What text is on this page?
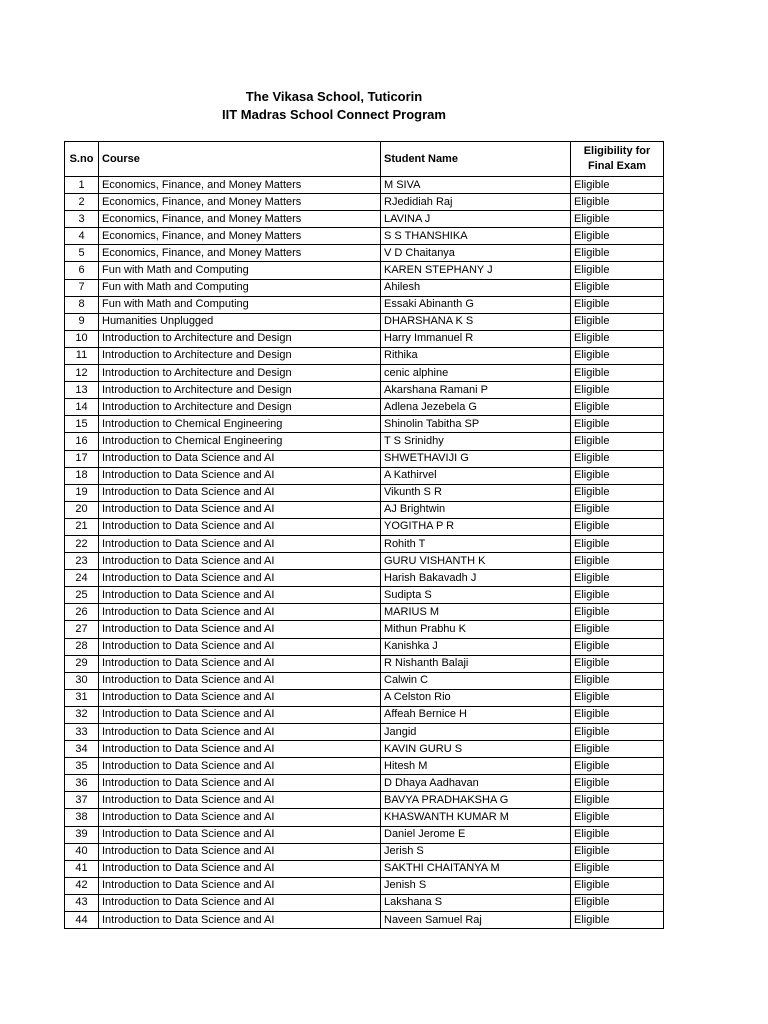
The Vikasa School, Tuticorin
IIT Madras School Connect Program
S.no	Course	Student Name	Eligibility for
Final Exam

1	Economics, Finance, and Money Matters	M SIVA	Eligible
2	Economics, Finance, and Money Matters	RJedidiah Raj	Eligible
3	Economics, Finance, and Money Matters	LAVINA J	Eligible
4	Economics, Finance, and Money Matters	S S THANSHIKA	Eligible
5	Economics, Finance, and Money Matters	V D Chaitanya	Eligible
6	Fun with Math and Computing	KAREN STEPHANY J	Eligible
7	Fun with Math and Computing	Ahilesh	Eligible
8	Fun with Math and Computing	Essaki Abinanth G	Eligible
9	Humanities Unplugged	DHARSHANA K S	Eligible
10	Introduction to Architecture and Design	Harry Immanuel R	Eligible
11	Introduction to Architecture and Design	Rithika	Eligible
12	Introduction to Architecture and Design	cenic alphine	Eligible
13	Introduction to Architecture and Design	Akarshana Ramani P	Eligible
14	Introduction to Architecture and Design	Adlena Jezebela G	Eligible
15	Introduction to Chemical Engineering	Shinolin Tabitha SP	Eligible
16	Introduction to Chemical Engineering	T S Srinidhy	Eligible
17	Introduction to Data Science and AI	SHWETHAVIJI G	Eligible
18	Introduction to Data Science and AI	A Kathirvel	Eligible
19	Introduction to Data Science and AI	Vikunth S R	Eligible
20	Introduction to Data Science and AI	AJ Brightwin	Eligible
21	Introduction to Data Science and AI	YOGITHA P R	Eligible
22	Introduction to Data Science and AI	Rohith T	Eligible
23	Introduction to Data Science and AI	GURU VISHANTH K	Eligible
24	Introduction to Data Science and AI	Harish Bakavadh J	Eligible
25	Introduction to Data Science and AI	Sudipta S	Eligible
26	Introduction to Data Science and AI	MARIUS M	Eligible
27	Introduction to Data Science and AI	Mithun Prabhu K	Eligible
28	Introduction to Data Science and AI	Kanishka J	Eligible
29	Introduction to Data Science and AI	R Nishanth Balaji	Eligible
30	Introduction to Data Science and AI	Calwin C	Eligible
31	Introduction to Data Science and AI	A Celston Rio	Eligible
32	Introduction to Data Science and AI	Affeah Bernice H	Eligible
33	Introduction to Data Science and AI	Jangid	Eligible
34	Introduction to Data Science and AI	KAVIN GURU S	Eligible
35	Introduction to Data Science and AI	Hitesh M	Eligible
36	Introduction to Data Science and AI	D Dhaya Aadhavan	Eligible
37	Introduction to Data Science and AI	BAVYA PRADHAKSHA G	Eligible
38	Introduction to Data Science and AI	KHASWANTH KUMAR M	Eligible
39	Introduction to Data Science and AI	Daniel Jerome E	Eligible
40	Introduction to Data Science and AI	Jerish S	Eligible
41	Introduction to Data Science and AI	SAKTHI CHAITANYA M	Eligible
42	Introduction to Data Science and AI	Jenish S	Eligible
43	Introduction to Data Science and AI	Lakshana S	Eligible
44	Introduction to Data Science and AI	Naveen Samuel Raj	Eligible
